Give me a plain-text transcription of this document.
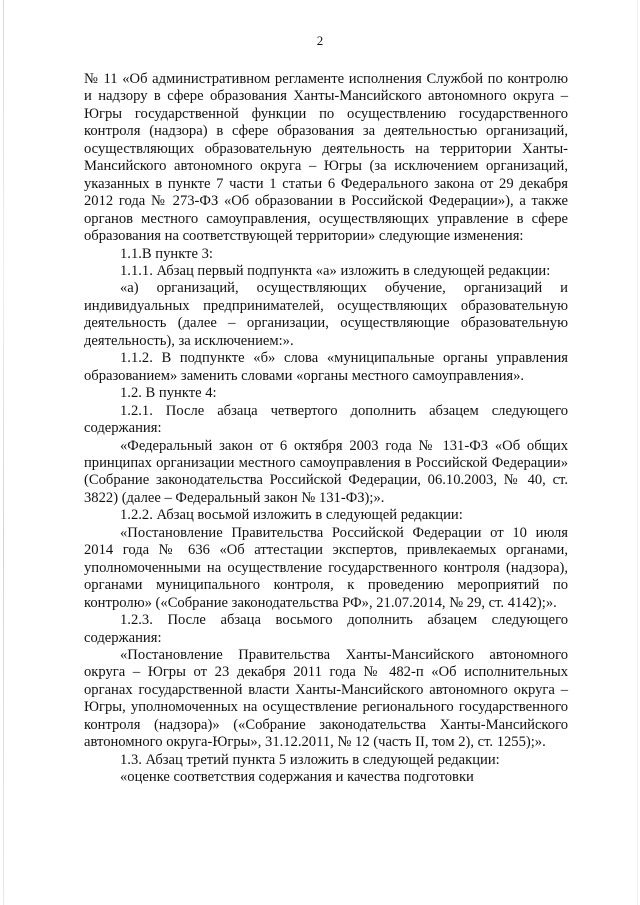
2

№ 11 «Об административном регламенте исполнения Службой по контролю и надзору в сфере образования Ханты-Мансийского автономного округа – Югры государственной функции по осуществлению государственного контроля (надзора) в сфере образования за деятельностью организаций, осуществляющих образовательную деятельность на территории Ханты-Мансийского автономного округа – Югры (за исключением организаций, указанных в пункте 7 части 1 статьи 6 Федерального закона от 29 декабря 2012 года № 273-ФЗ «Об образовании в Российской Федерации»), а также органов местного самоуправления, осуществляющих управление в сфере образования на соответствующей территории» следующие изменения:

1.1.В пункте 3:

1.1.1. Абзац первый подпункта «а» изложить в следующей редакции:

«а) организаций, осуществляющих обучение, организаций и индивидуальных предпринимателей, осуществляющих образовательную деятельность (далее – организации, осуществляющие образовательную деятельность), за исключением:».

1.1.2. В подпункте «б» слова «муниципальные органы управления образованием» заменить словами «органы местного самоуправления».

1.2. В пункте 4:

1.2.1. После абзаца четвертого дополнить абзацем следующего содержания:

«Федеральный закон от 6 октября 2003 года № 131-ФЗ «Об общих принципах организации местного самоуправления в Российской Федерации» (Собрание законодательства Российской Федерации, 06.10.2003, № 40, ст. 3822) (далее – Федеральный закон № 131-ФЗ);».

1.2.2. Абзац восьмой изложить в следующей редакции:

«Постановление Правительства Российской Федерации от 10 июля 2014 года № 636 «Об аттестации экспертов, привлекаемых органами, уполномоченными на осуществление государственного контроля (надзора), органами муниципального контроля, к проведению мероприятий по контролю» («Собрание законодательства РФ», 21.07.2014, № 29, ст. 4142);».

1.2.3. После абзаца восьмого дополнить абзацем следующего содержания:

«Постановление Правительства Ханты-Мансийского автономного округа – Югры от 23 декабря 2011 года № 482-п «Об исполнительных органах государственной власти Ханты-Мансийского автономного округа – Югры, уполномоченных на осуществление регионального государственного контроля (надзора)» («Собрание законодательства Ханты-Мансийского автономного округа-Югры», 31.12.2011, № 12 (часть II, том 2), ст. 1255);».

1.3. Абзац третий пункта 5 изложить в следующей редакции:

«оценке соответствия содержания и качества подготовки
